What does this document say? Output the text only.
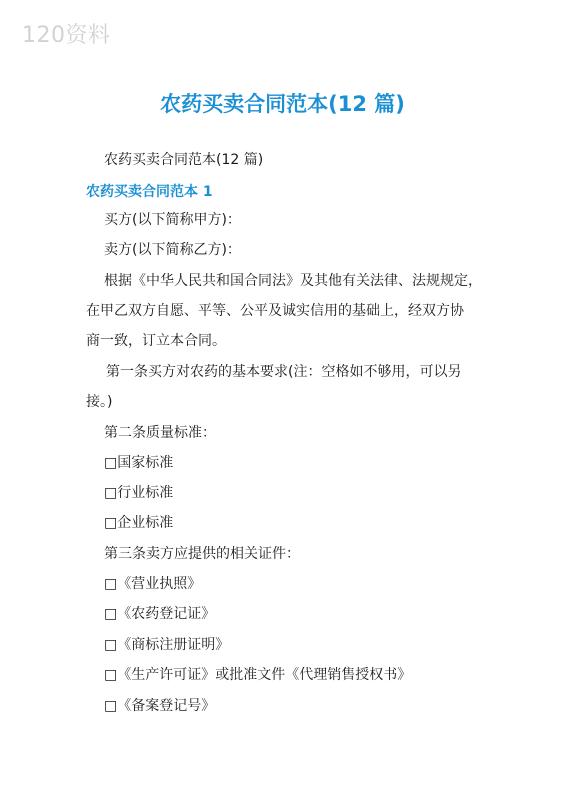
120资料
农药买卖合同范本(12 篇)
农药买卖合同范本(12 篇)
农药买卖合同范本 1
买方(以下简称甲方)：
卖方(以下简称乙方)：
根据《中华人民共和国合同法》及其他有关法律、法规规定，
在甲乙双方自愿、平等、公平及诚实信用的基础上，经双方协
商一致，订立本合同。
第一条买方对农药的基本要求(注：空格如不够用，可以另
接。)
第二条质量标准：
□国家标准
□行业标准
□企业标准
第三条卖方应提供的相关证件：
□《营业执照》
□《农药登记证》
□《商标注册证明》
□《生产许可证》或批准文件《代理销售授权书》
□《备案登记号》
